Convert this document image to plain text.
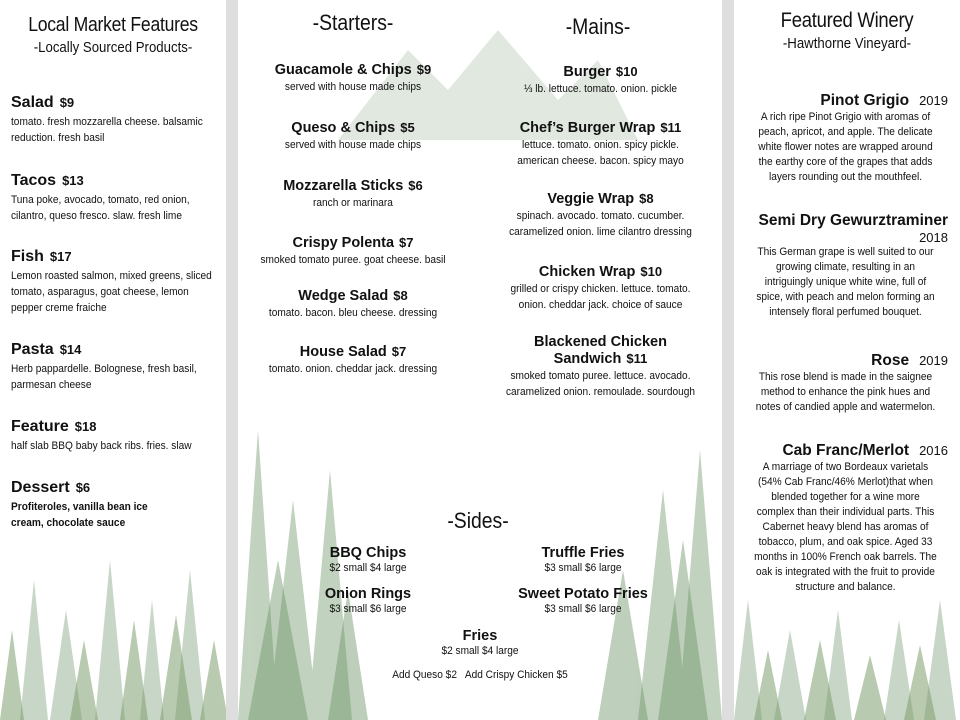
Local Market Features

-Locally Sourced Products-

Salad $9
tomato. fresh mozzarella cheese. balsamic reduction. fresh basil
Tacos $13
Tuna poke, avocado, tomato, red onion, cilantro, queso fresco. slaw. fresh lime
Fish $17
Lemon roasted salmon, mixed greens, sliced tomato, asparagus, goat cheese, lemon pepper creme fraiche
Pasta $14
Herb pappardelle. Bolognese, fresh basil, parmesan cheese
Feature $18
half slab BBQ baby back ribs. fries. slaw
Dessert $6
Profiteroles, vanilla bean ice cream, chocolate sauce
-Starters-	-Mains-
Guacamole & Chips $9
served with house made chips
Queso & Chips $5
served with house made chips
Mozzarella Sticks $6
ranch or marinara
Crispy Polenta $7
smoked tomato puree. goat cheese. basil
Wedge Salad $8
tomato. bacon. bleu cheese. dressing
House Salad $7
tomato. onion. cheddar jack. dressing
Burger $10
⅓ lb. lettuce. tomato. onion. pickle
Chef’s Burger Wrap $11
lettuce. tomato. onion. spicy pickle.
american cheese. bacon. spicy mayo
Veggie Wrap $8
spinach. avocado. tomato. cucumber.
caramelized onion. lime cilantro dressing
Chicken Wrap $10
grilled or crispy chicken. lettuce. tomato.
onion. cheddar jack. choice of sauce
Blackened Chicken
Sandwich $11
smoked tomato puree. lettuce. avocado.
caramelized onion. remoulade. sourdough
-Sides-
BBQ Chips
$2 small $4 large
Truffle Fries
$3 small $6 large
Onion Rings
$3 small $6 large
Sweet Potato Fries
$3 small $6 large
Fries
$2 small $4 large
Add Queso $2   Add Crispy Chicken $5

Featured Winery

-Hawthorne Vineyard-

Pinot Grigio 2019
A rich ripe Pinot Grigio with aromas of peach, apricot, and apple. The delicate white flower notes are wrapped around the earthy core of the grapes that adds layers rounding out the mouthfeel.
Semi Dry Gewurztraminer
2018
This German grape is well suited to our growing climate, resulting in an intriguingly unique white wine, full of spice, with peach and melon forming an intensely floral perfumed bouquet.
Rose 2019
This rose blend is made in the saignee method to enhance the pink hues and notes of candied apple and watermelon.
Cab Franc/Merlot 2016
A marriage of two Bordeaux varietals (54% Cab Franc/46% Merlot)that when blended together for a wine more complex than their individual parts. This Cabernet heavy blend has aromas of tobacco, plum, and oak spice. Aged 33 months in 100% French oak barrels. The oak is integrated with the fruit to provide structure and balance.
